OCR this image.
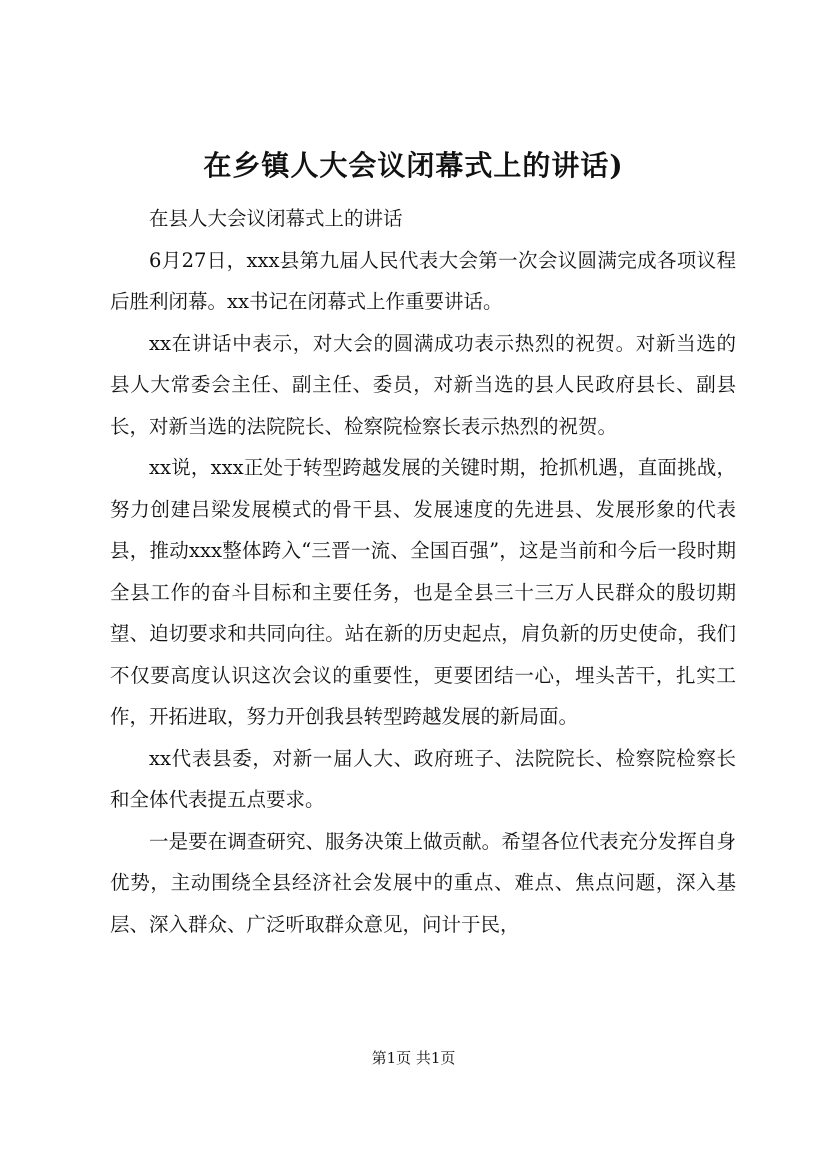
在乡镇人大会议闭幕式上的讲话)

在县人大会议闭幕式上的讲话

6月27日，xxx县第九届人民代表大会第一次会议圆满完成各项议程后胜利闭幕。xx书记在闭幕式上作重要讲话。

xx在讲话中表示，对大会的圆满成功表示热烈的祝贺。对新当选的县人大常委会主任、副主任、委员，对新当选的县人民政府县长、副县长，对新当选的法院院长、检察院检察长表示热烈的祝贺。

xx说，xxx正处于转型跨越发展的关键时期，抢抓机遇，直面挑战，努力创建吕梁发展模式的骨干县、发展速度的先进县、发展形象的代表县，推动xxx整体跨入“三晋一流、全国百强”，这是当前和今后一段时期全县工作的奋斗目标和主要任务，也是全县三十三万人民群众的殷切期望、迫切要求和共同向往。站在新的历史起点，肩负新的历史使命，我们不仅要高度认识这次会议的重要性，更要团结一心，埋头苦干，扎实工作，开拓进取，努力开创我县转型跨越发展的新局面。

xx代表县委，对新一届人大、政府班子、法院院长、检察院检察长和全体代表提五点要求。

一是要在调查研究、服务决策上做贡献。希望各位代表充分发挥自身优势，主动围绕全县经济社会发展中的重点、难点、焦点问题，深入基层、深入群众、广泛听取群众意见，问计于民，

第1页 共1页
